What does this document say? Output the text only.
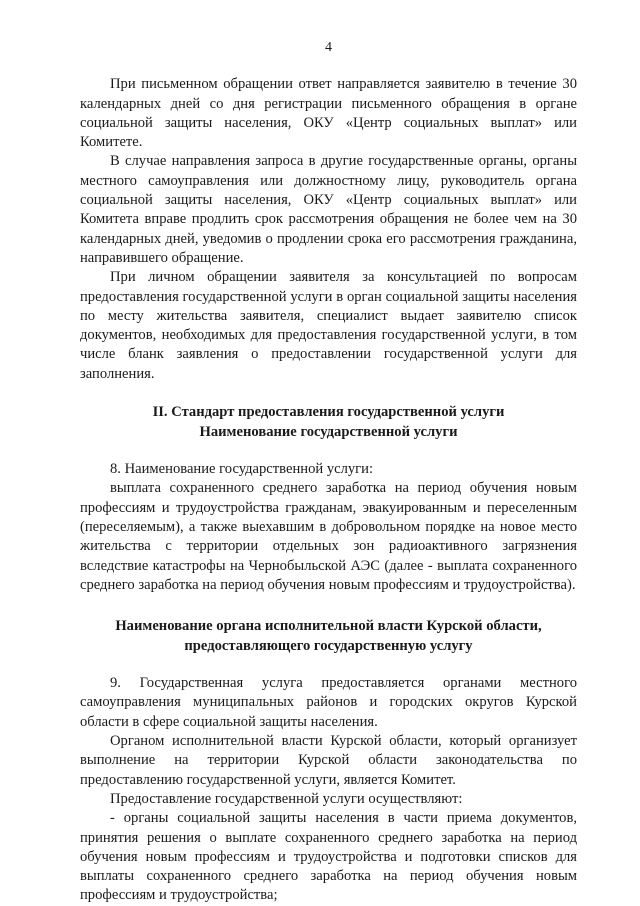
4

При письменном обращении ответ направляется заявителю в течение 30 календарных дней со дня регистрации письменного обращения в органе социальной защиты населения, ОКУ «Центр социальных выплат» или Комитете.

В случае направления запроса в другие государственные органы, органы местного самоуправления или должностному лицу, руководитель органа социальной защиты населения, ОКУ «Центр социальных выплат» или Комитета вправе продлить срок рассмотрения обращения не более чем на 30 календарных дней, уведомив о продлении срока его рассмотрения гражданина, направившего обращение.

При личном обращении заявителя за консультацией по вопросам предоставления государственной услуги в орган социальной защиты населения по месту жительства заявителя, специалист выдает заявителю список документов, необходимых для предоставления государственной услуги, в том числе бланк заявления о предоставлении государственной услуги для заполнения.

II. Стандарт предоставления государственной услуги
Наименование государственной услуги

8. Наименование государственной услуги:

выплата сохраненного среднего заработка на период обучения новым профессиям и трудоустройства гражданам, эвакуированным и переселенным (переселяемым), а также выехавшим в добровольном порядке на новое место жительства с территории отдельных зон радиоактивного загрязнения вследствие катастрофы на Чернобыльской АЭС (далее - выплата сохраненного среднего заработка на период обучения новым профессиям и трудоустройства).

Наименование органа исполнительной власти Курской области,
предоставляющего государственную услугу

9. Государственная услуга предоставляется органами местного самоуправления муниципальных районов и городских округов Курской области в сфере социальной защиты населения.

Органом исполнительной власти Курской области, который организует выполнение на территории Курской области законодательства по предоставлению государственной услуги, является Комитет.

Предоставление государственной услуги осуществляют:

- органы социальной защиты населения в части приема документов, принятия решения о выплате сохраненного среднего заработка на период обучения новым профессиям и трудоустройства и подготовки списков для выплаты сохраненного среднего заработка на период обучения новым профессиям и трудоустройства;
